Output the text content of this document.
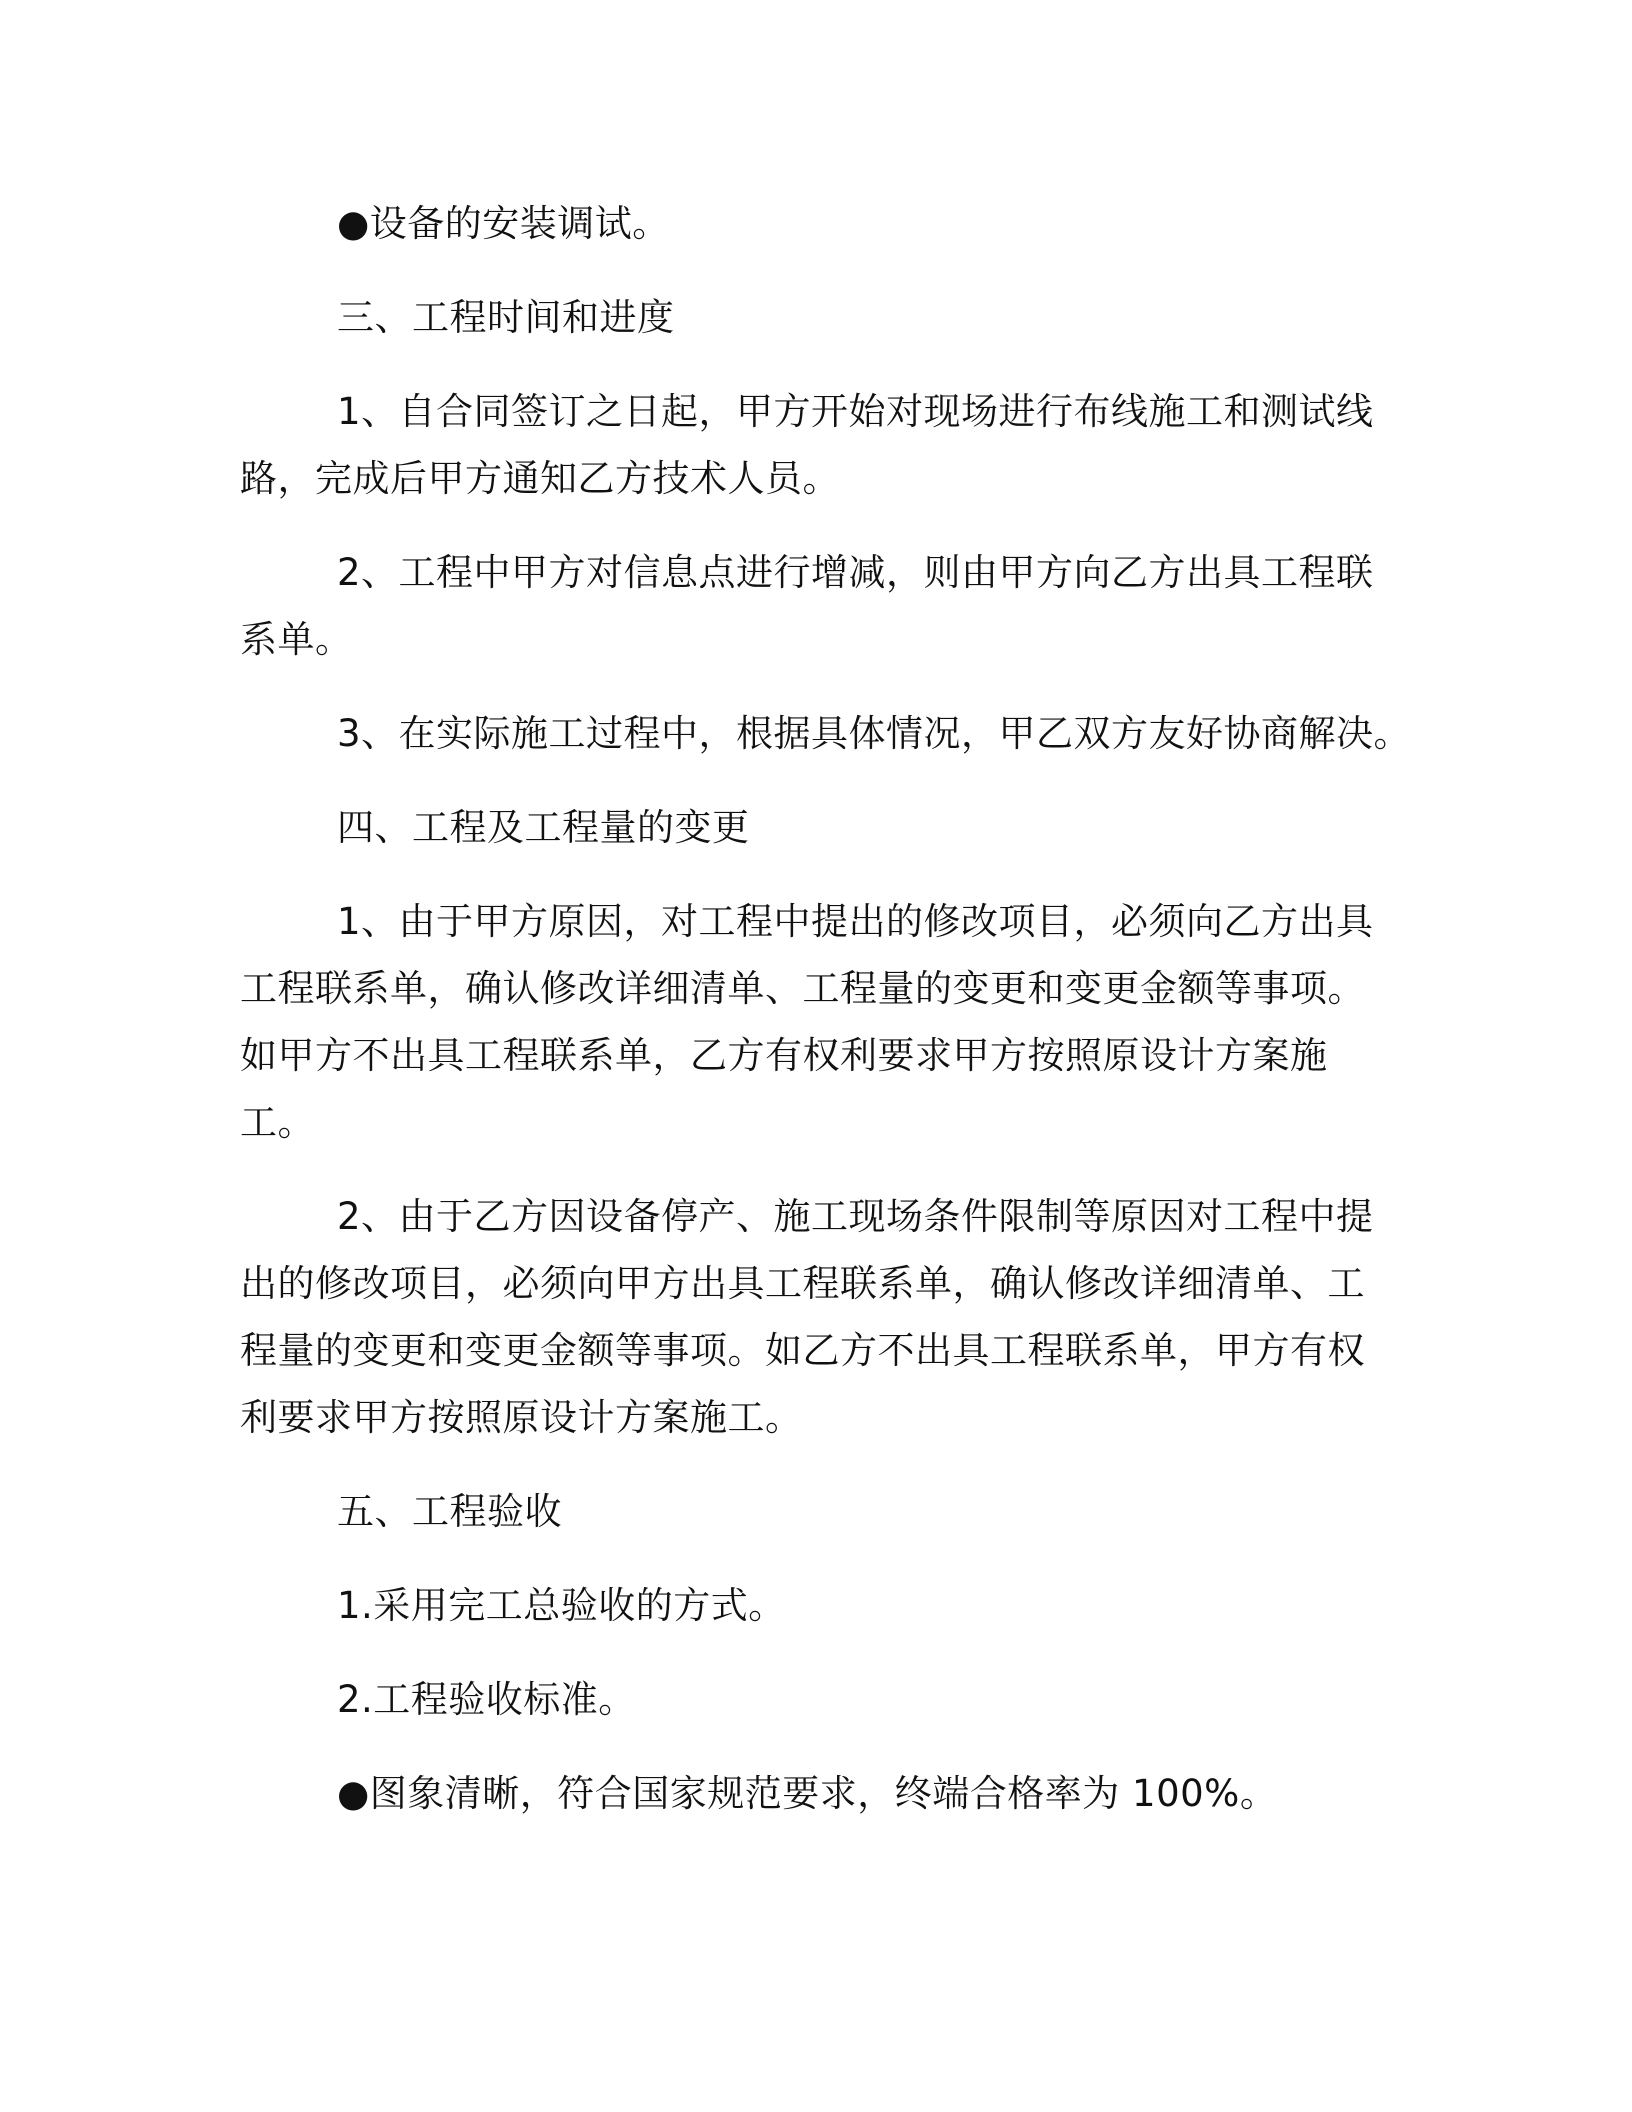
●设备的安装调试。

三、工程时间和进度

1、自合同签订之日起，甲方开始对现场进行布线施工和测试线路，完成后甲方通知乙方技术人员。

2、工程中甲方对信息点进行增减，则由甲方向乙方出具工程联系单。

3、在实际施工过程中，根据具体情况，甲乙双方友好协商解决。

四、工程及工程量的变更

1、由于甲方原因，对工程中提出的修改项目，必须向乙方出具工程联系单，确认修改详细清单、工程量的变更和变更金额等事项。如甲方不出具工程联系单，乙方有权利要求甲方按照原设计方案施工。

2、由于乙方因设备停产、施工现场条件限制等原因对工程中提出的修改项目，必须向甲方出具工程联系单，确认修改详细清单、工程量的变更和变更金额等事项。如乙方不出具工程联系单，甲方有权利要求甲方按照原设计方案施工。

五、工程验收

1.采用完工总验收的方式。

2.工程验收标准。

●图象清晰，符合国家规范要求，终端合格率为 100%。
